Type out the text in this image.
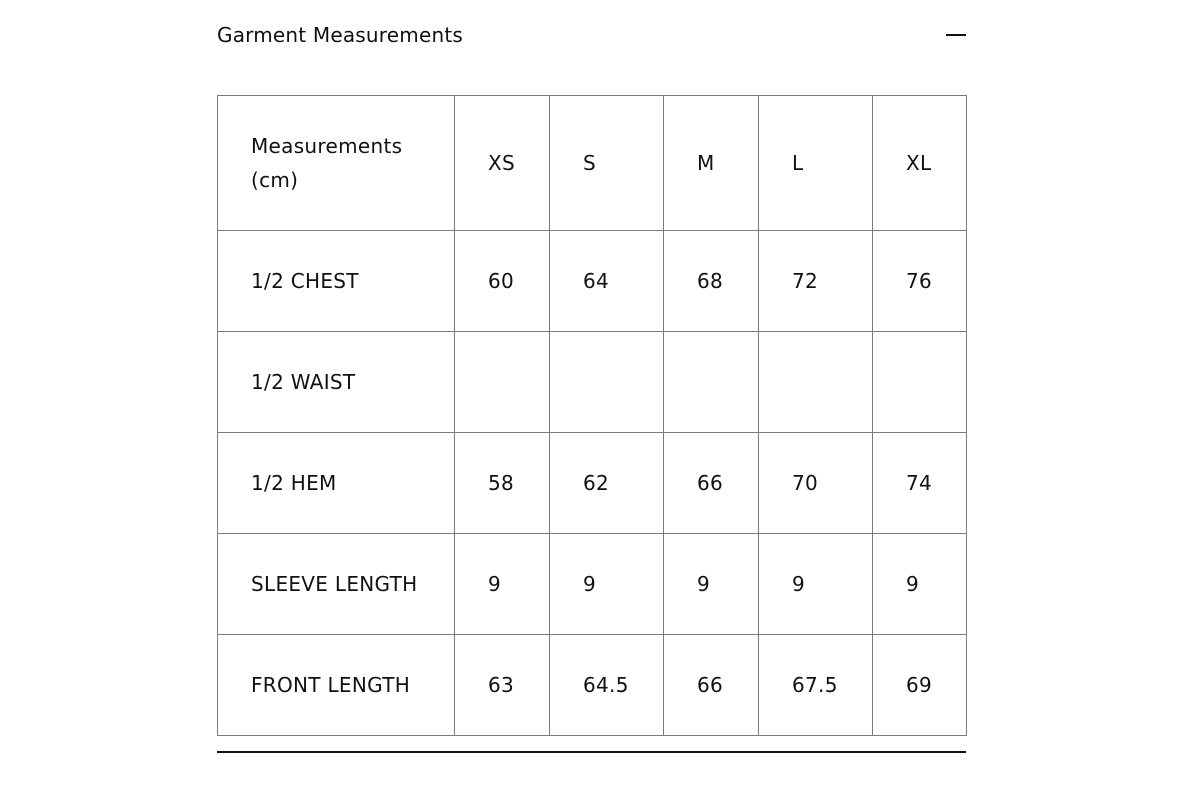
Garment Measurements
Measurements
(cm)	XS	S	M	L	XL
1/2 CHEST	60	64	68	72	76
1/2 WAIST					
1/2 HEM	58	62	66	70	74
SLEEVE LENGTH	9	9	9	9	9
FRONT LENGTH	63	64.5	66	67.5	69
